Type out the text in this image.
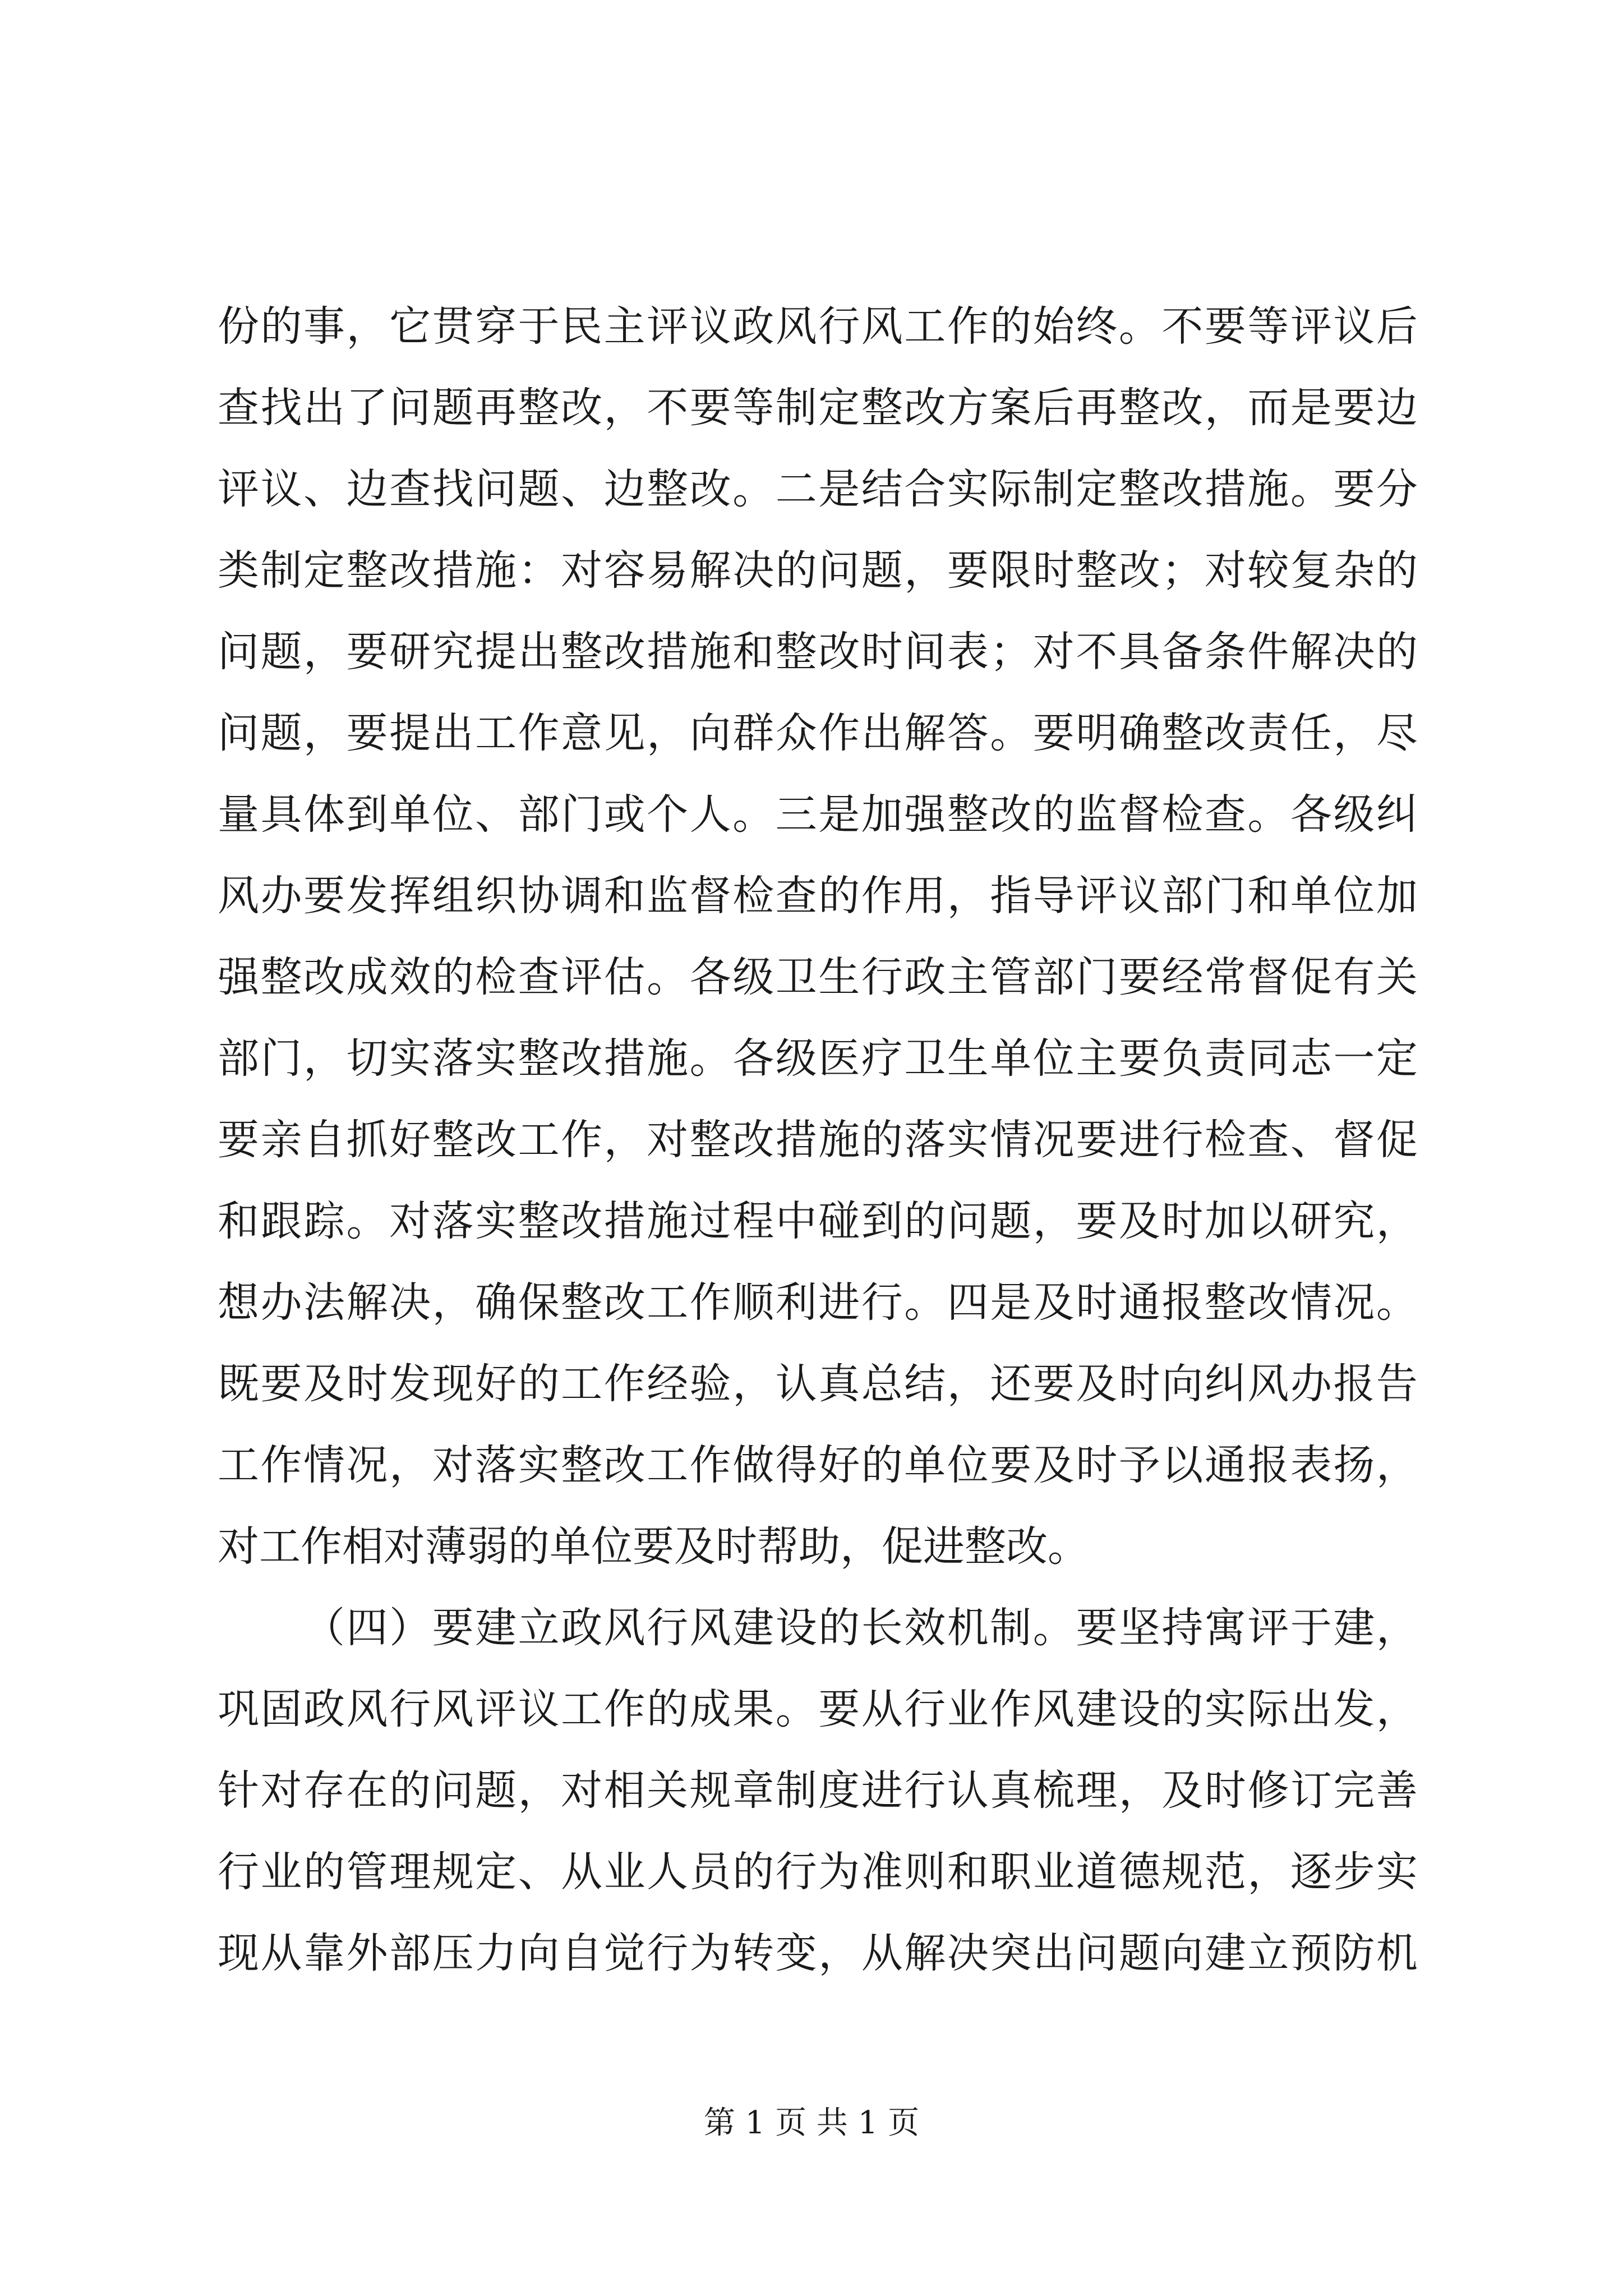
份 的 事 ， 它 贯 穿 于 民 主 评 议 政 风 行 风 工 作 的 始 终 。 不 要 等 评 议 后
查 找 出 了 问 题 再 整 改 ， 不 要 等 制 定 整 改 方 案 后 再 整 改 ， 而 是 要 边
评 议 、 边 查 找 问 题 、 边 整 改 。 二 是 结 合 实 际 制 定 整 改 措 施 。 要 分
类 制 定 整 改 措 施 ： 对 容 易 解 决 的 问 题 ， 要 限 时 整 改 ； 对 较 复 杂 的
问 题 ， 要 研 究 提 出 整 改 措 施 和 整 改 时 间 表 ； 对 不 具 备 条 件 解 决 的
问 题 ， 要 提 出 工 作 意 见 ， 向 群 众 作 出 解 答 。 要 明 确 整 改 责 任 ， 尽
量 具 体 到 单 位 、 部 门 或 个 人 。 三 是 加 强 整 改 的 监 督 检 查 。 各 级 纠
风 办 要 发 挥 组 织 协 调 和 监 督 检 查 的 作 用 ， 指 导 评 议 部 门 和 单 位 加
强 整 改 成 效 的 检 查 评 估 。 各 级 卫 生 行 政 主 管 部 门 要 经 常 督 促 有 关
部 门 ， 切 实 落 实 整 改 措 施 。 各 级 医 疗 卫 生 单 位 主 要 负 责 同 志 一 定
要 亲 自 抓 好 整 改 工 作 ， 对 整 改 措 施 的 落 实 情 况 要 进 行 检 查 、 督 促
和 跟 踪 。 对 落 实 整 改 措 施 过 程 中 碰 到 的 问 题 ， 要 及 时 加 以 研 究 ，
想 办 法 解 决 ， 确 保 整 改 工 作 顺 利 进 行 。 四 是 及 时 通 报 整 改 情 况 。
既 要 及 时 发 现 好 的 工 作 经 验 ， 认 真 总 结 ， 还 要 及 时 向 纠 风 办 报 告
工 作 情 况 ， 对 落 实 整 改 工 作 做 得 好 的 单 位 要 及 时 予 以 通 报 表 扬 ，
对 工 作 相 对 薄 弱 的 单 位 要 及 时 帮 助 ， 促 进 整 改 。

（ 四 ） 要 建 立 政 风 行 风 建 设 的 长 效 机 制 。 要 坚 持 寓 评 于 建 ，
巩 固 政 风 行 风 评 议 工 作 的 成 果 。 要 从 行 业 作 风 建 设 的 实 际 出 发 ，
针 对 存 在 的 问 题 ， 对 相 关 规 章 制 度 进 行 认 真 梳 理 ， 及 时 修 订 完 善
行 业 的 管 理 规 定 、 从 业 人 员 的 行 为 准 则 和 职 业 道 德 规 范 ， 逐 步 实
现 从 靠 外 部 压 力 向 自 觉 行 为 转 变 ， 从 解 决 突 出 问 题 向 建 立 预 防 机
第 1 页 共 1 页
